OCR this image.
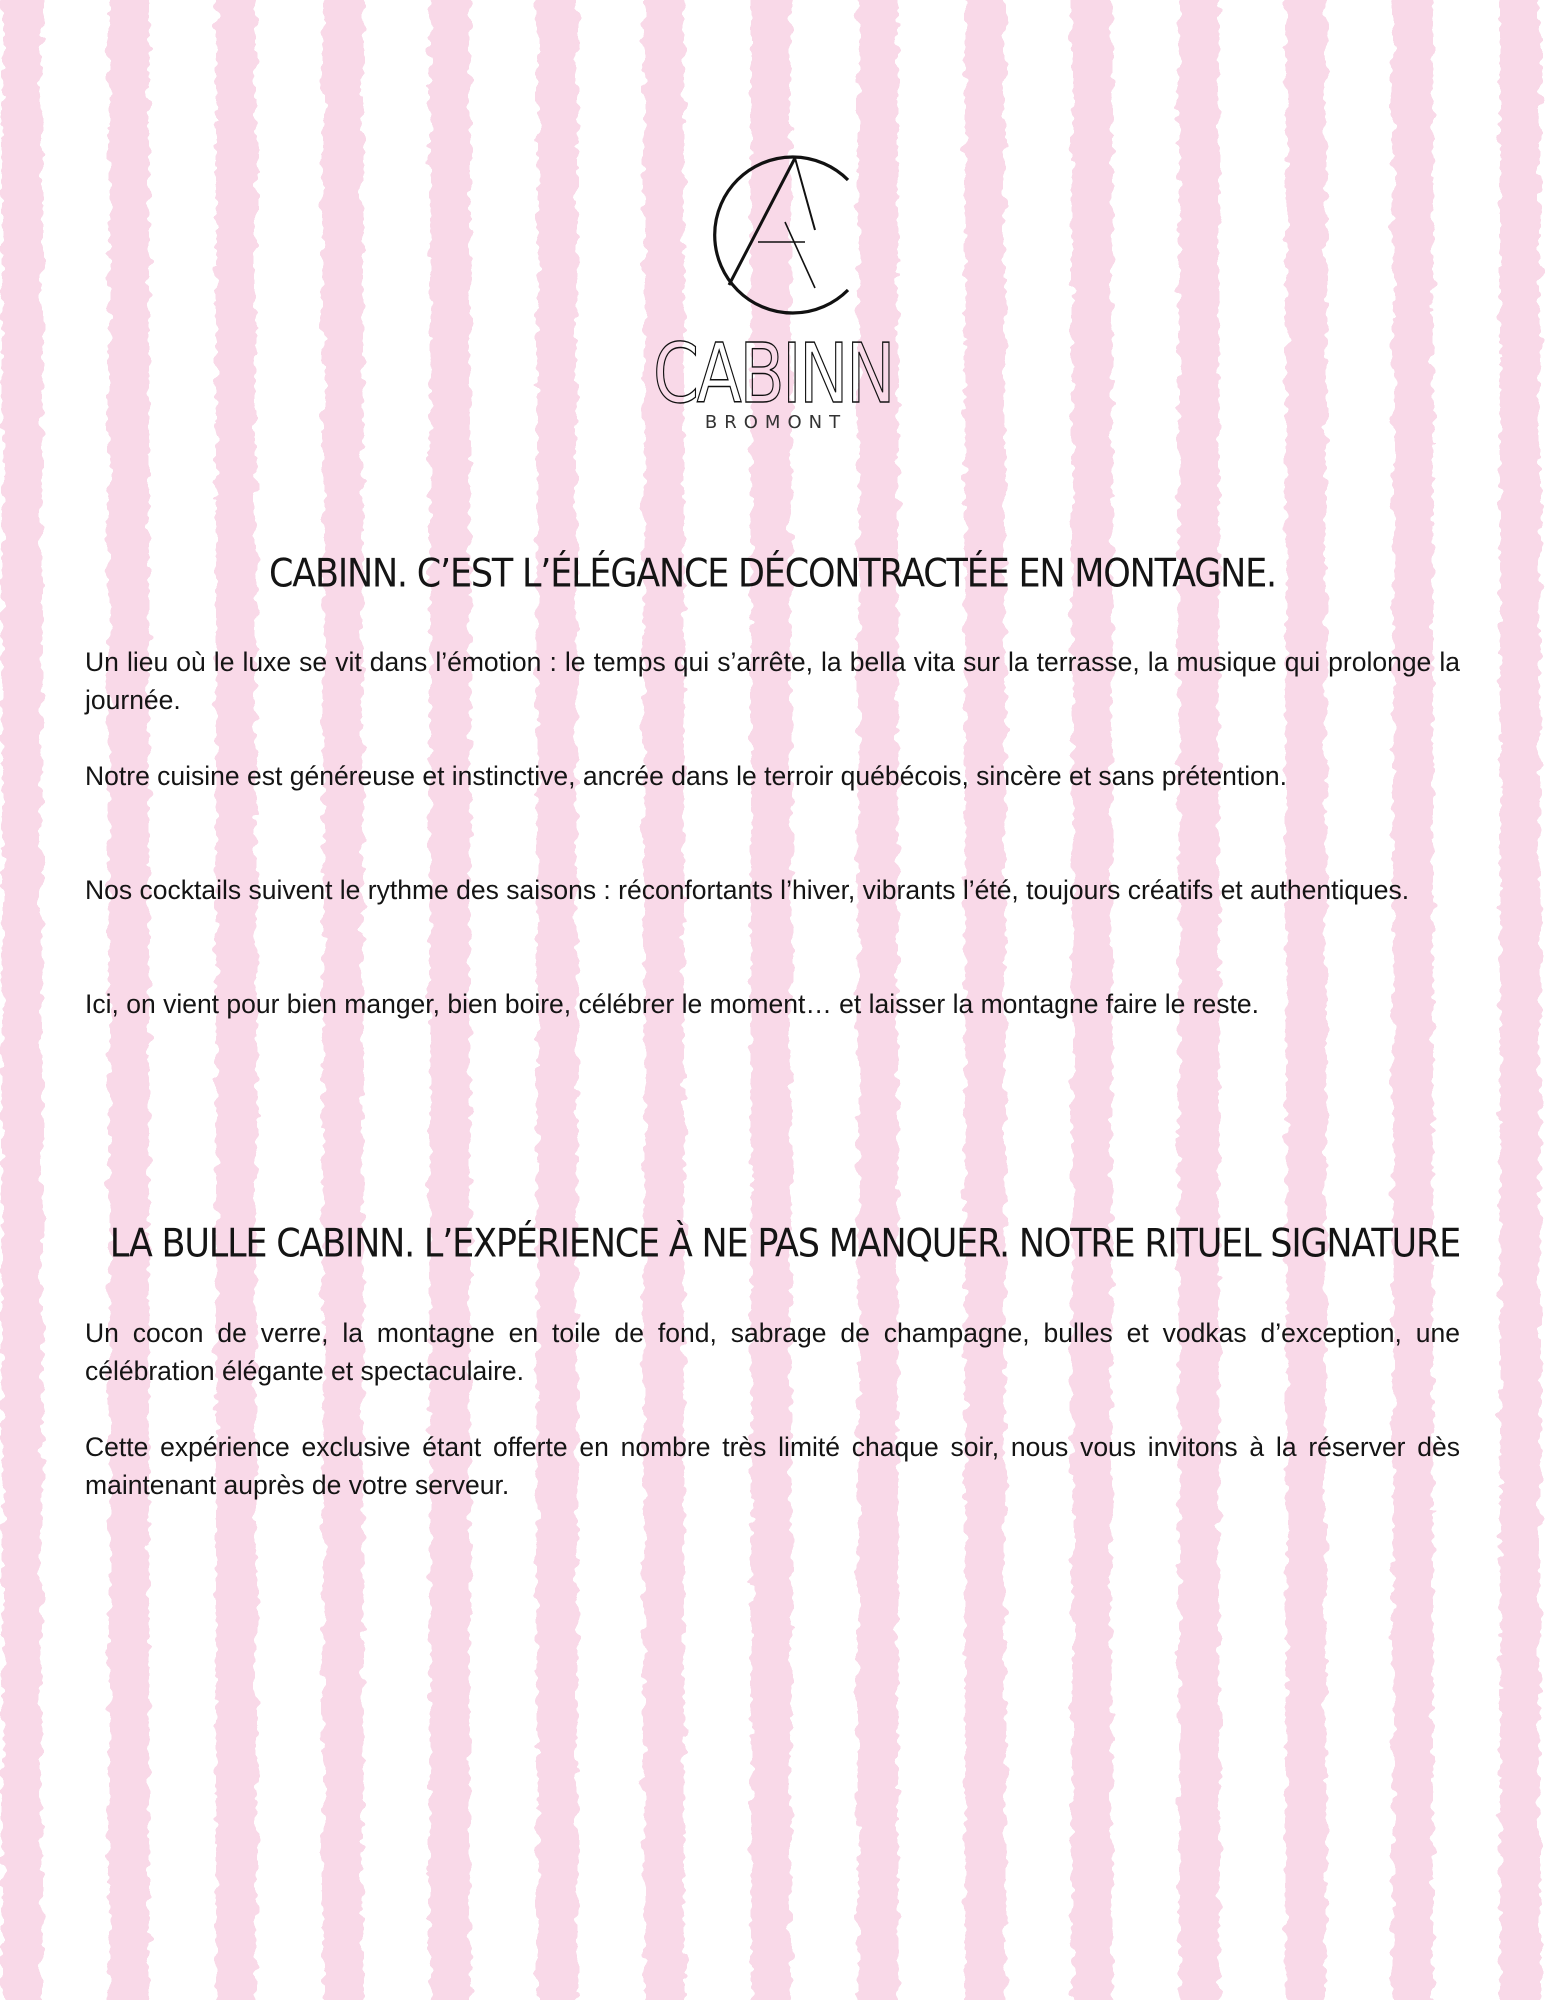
CABINN
BROMONT
CABINN. C’EST L’ÉLÉGANCE DÉCONTRACTÉE EN MONTAGNE.

Un lieu où le luxe se vit dans l’émotion : le temps qui s’arrête, la bella vita sur la terrasse, la musique qui prolonge la journée.

Notre cuisine est généreuse et instinctive, ancrée dans le terroir québécois, sincère et sans prétention.

Nos cocktails suivent le rythme des saisons : réconfortants l’hiver, vibrants l’été, toujours créatifs et authentiques.

Ici, on vient pour bien manger, bien boire, célébrer le moment… et laisser la montagne faire le reste.

LA BULLE CABINN. L’EXPÉRIENCE À NE PAS MANQUER. NOTRE RITUEL SIGNATURE

Un cocon de verre, la montagne en toile de fond, sabrage de champagne, bulles et vodkas d’exception, une célébration élégante et spectaculaire.

Cette expérience exclusive étant offerte en nombre très limité chaque soir, nous vous invitons à la réserver dès maintenant auprès de votre serveur.
